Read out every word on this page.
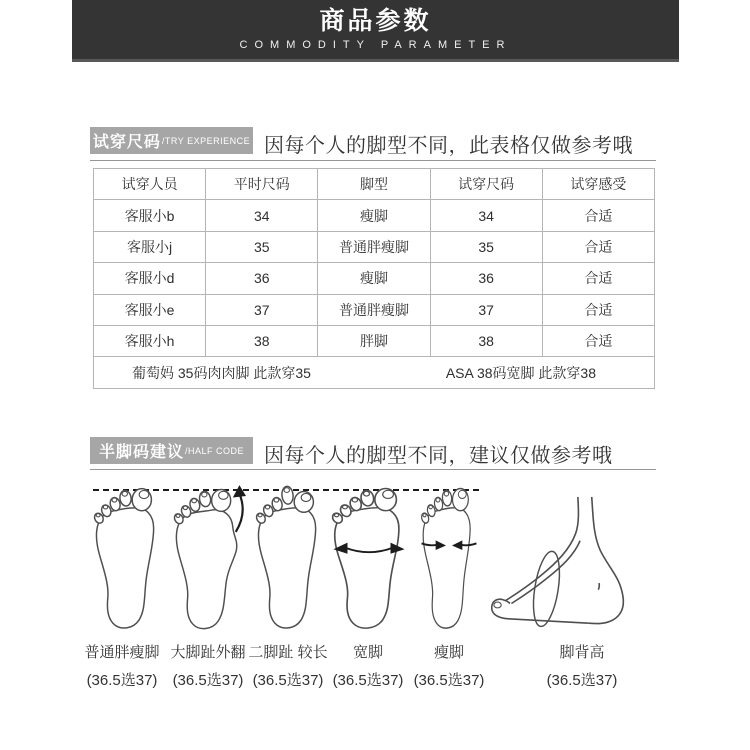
商品参数
COMMODITY PARAMETER
试穿尺码 /TRY EXPERIENCE 因每个人的脚型不同，此表格仅做参考哦
试穿人员	平时尺码	脚型	试穿尺码	试穿感受
客服小b	34	瘦脚	34	合适
客服小j	35	普通胖瘦脚	35	合适
客服小d	36	瘦脚	36	合适
客服小e	37	普通胖瘦脚	37	合适
客服小h	38	胖脚	38	合适

葡萄妈 35码肉肉脚 此款穿35 ASA 38码宽脚 此款穿38				
半脚码建议 /HALF CODE 因每个人的脚型不同，建议仅做参考哦
普通胖瘦脚
(36.5选37)
大脚趾外翻
(36.5选37)
二脚趾 较长
(36.5选37)
宽脚
(36.5选37)
瘦脚
(36.5选37)
脚背高
(36.5选37)
